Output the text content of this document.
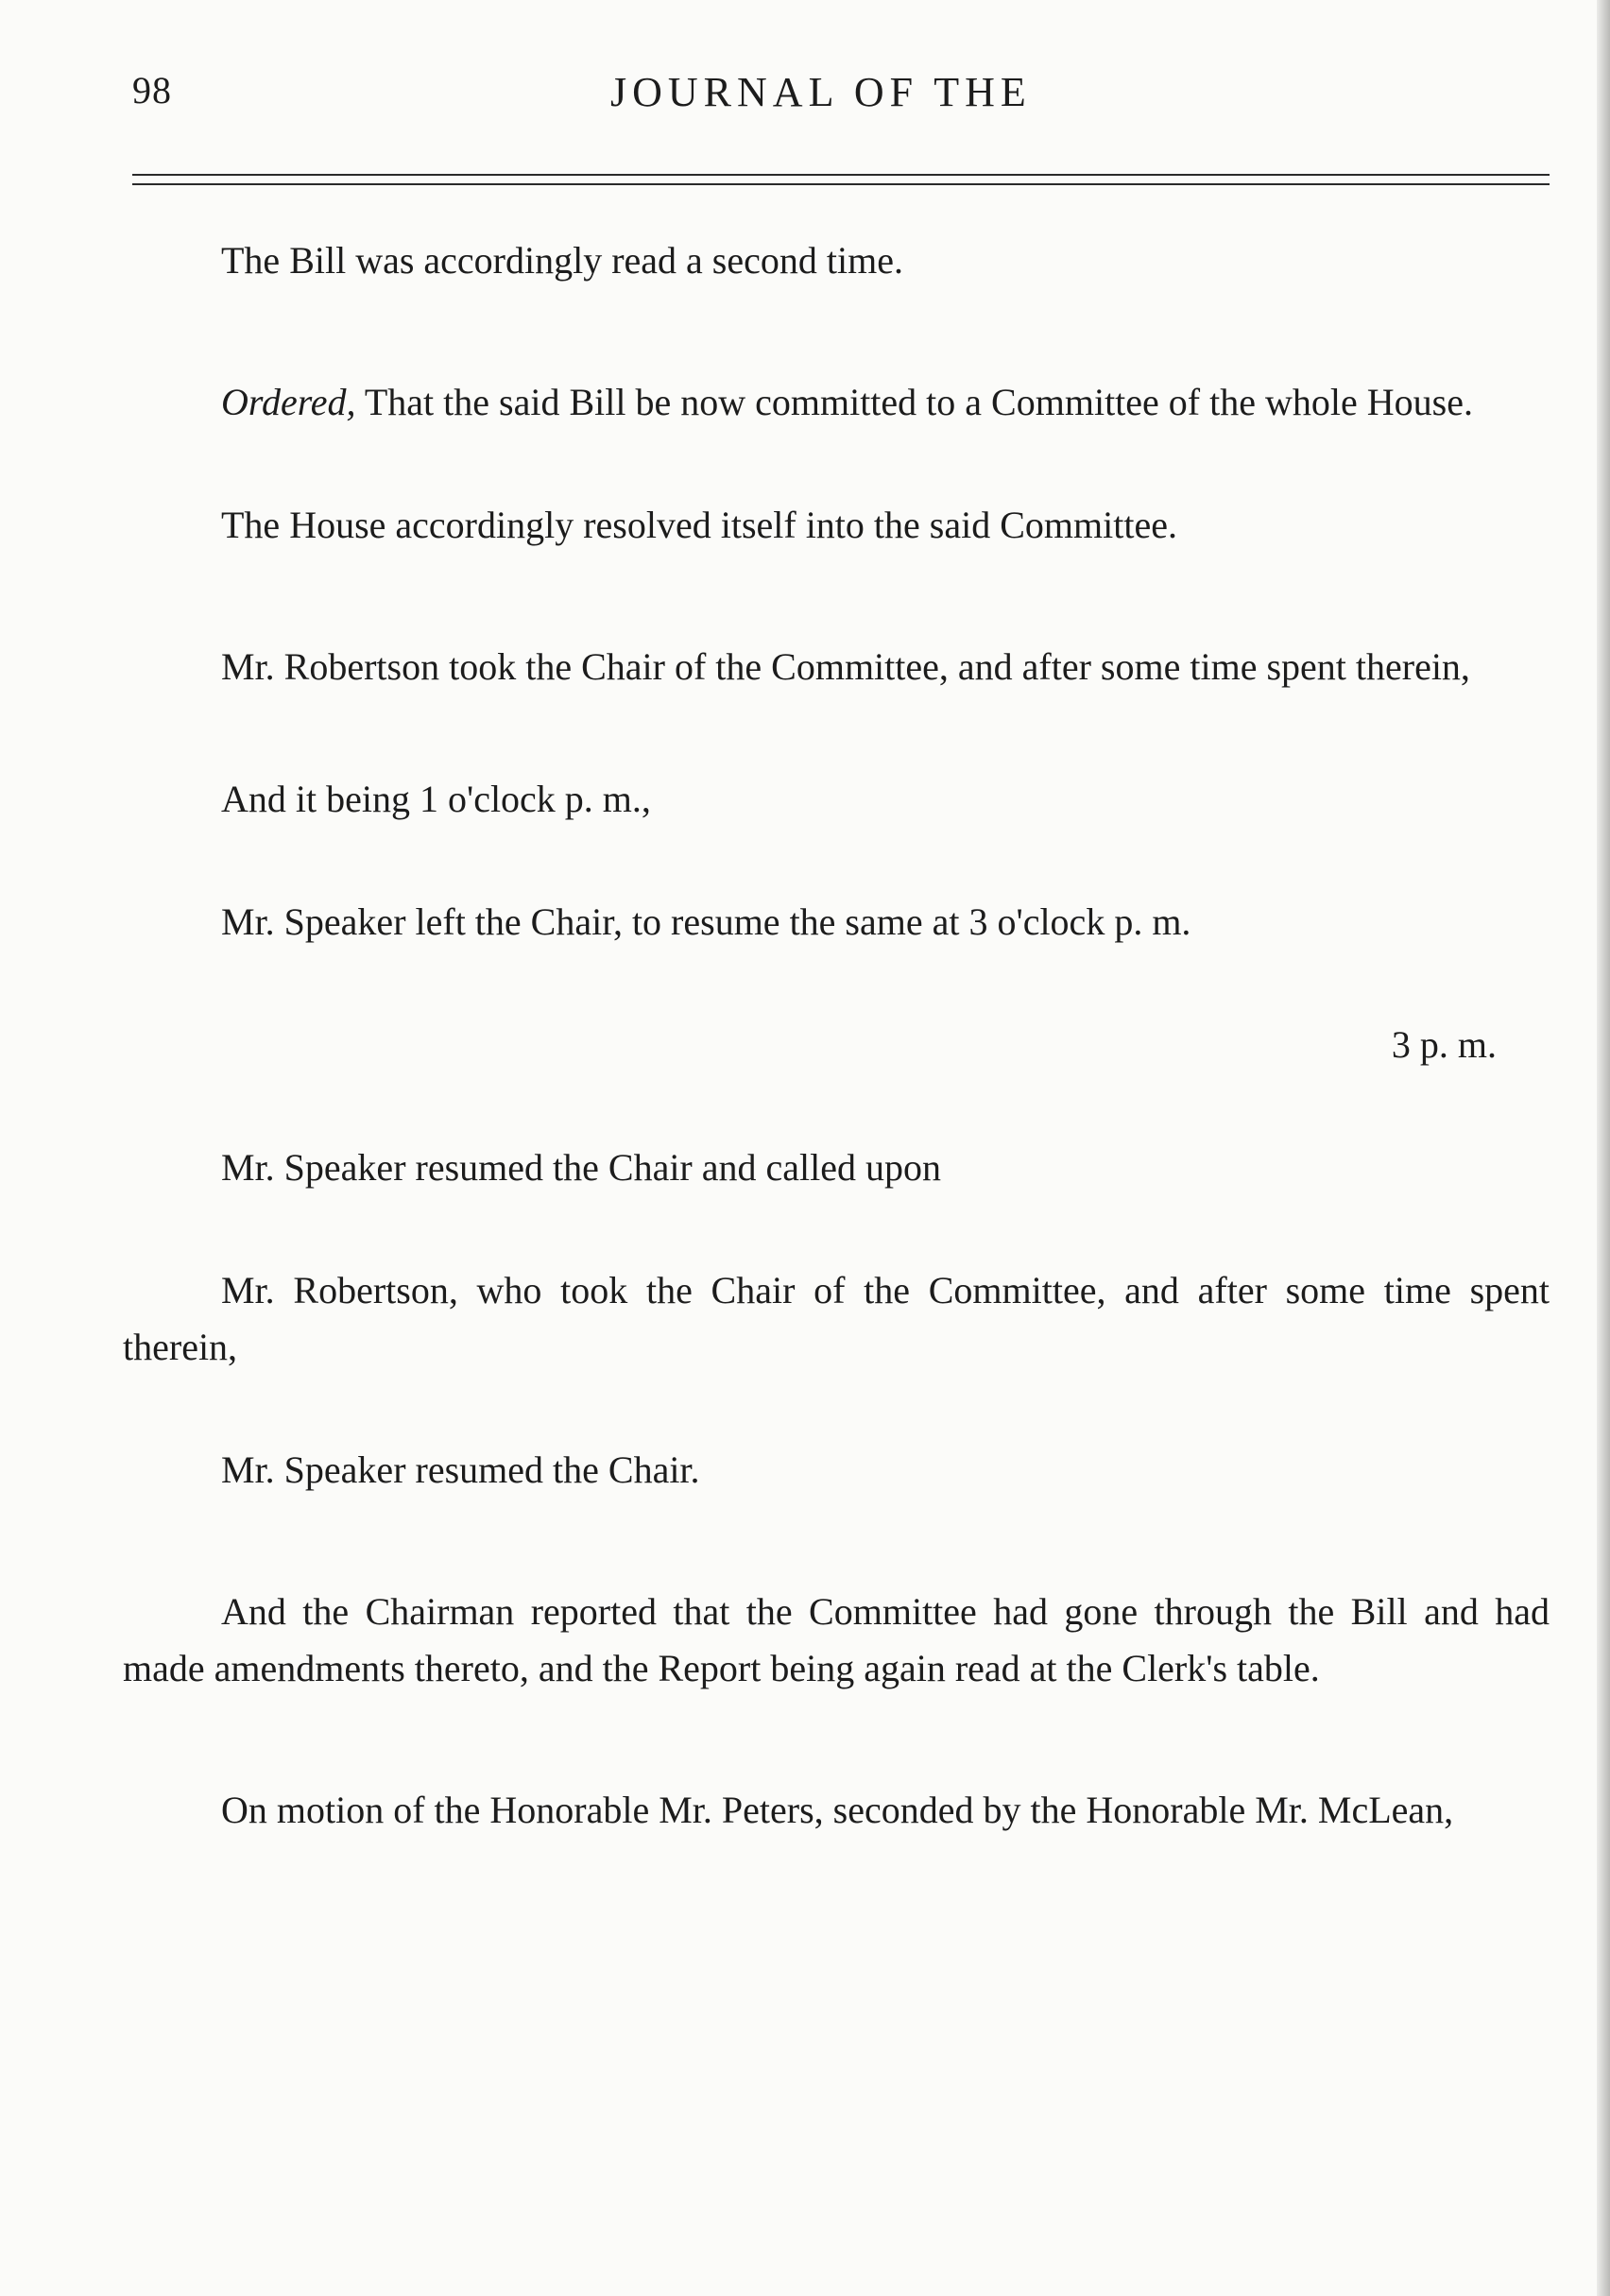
98	JOURNAL OF THE

The Bill was accordingly read a second time.

Ordered, That the said Bill be now committed to a Committee of the whole House.

The House accordingly resolved itself into the said Committee.

Mr. Robertson took the Chair of the Committee, and after some time spent therein,

And it being 1 o'clock p. m.,

Mr. Speaker left the Chair, to resume the same at 3 o'clock p. m.

3 p. m.

Mr. Speaker resumed the Chair and called upon

Mr. Robertson, who took the Chair of the Committee, and after some time spent therein,

Mr. Speaker resumed the Chair.

And the Chairman reported that the Committee had gone through the Bill and had made amendments thereto, and the Report being again read at the Clerk's table.

On motion of the Honorable Mr. Peters, seconded by the Honorable Mr. McLean,
